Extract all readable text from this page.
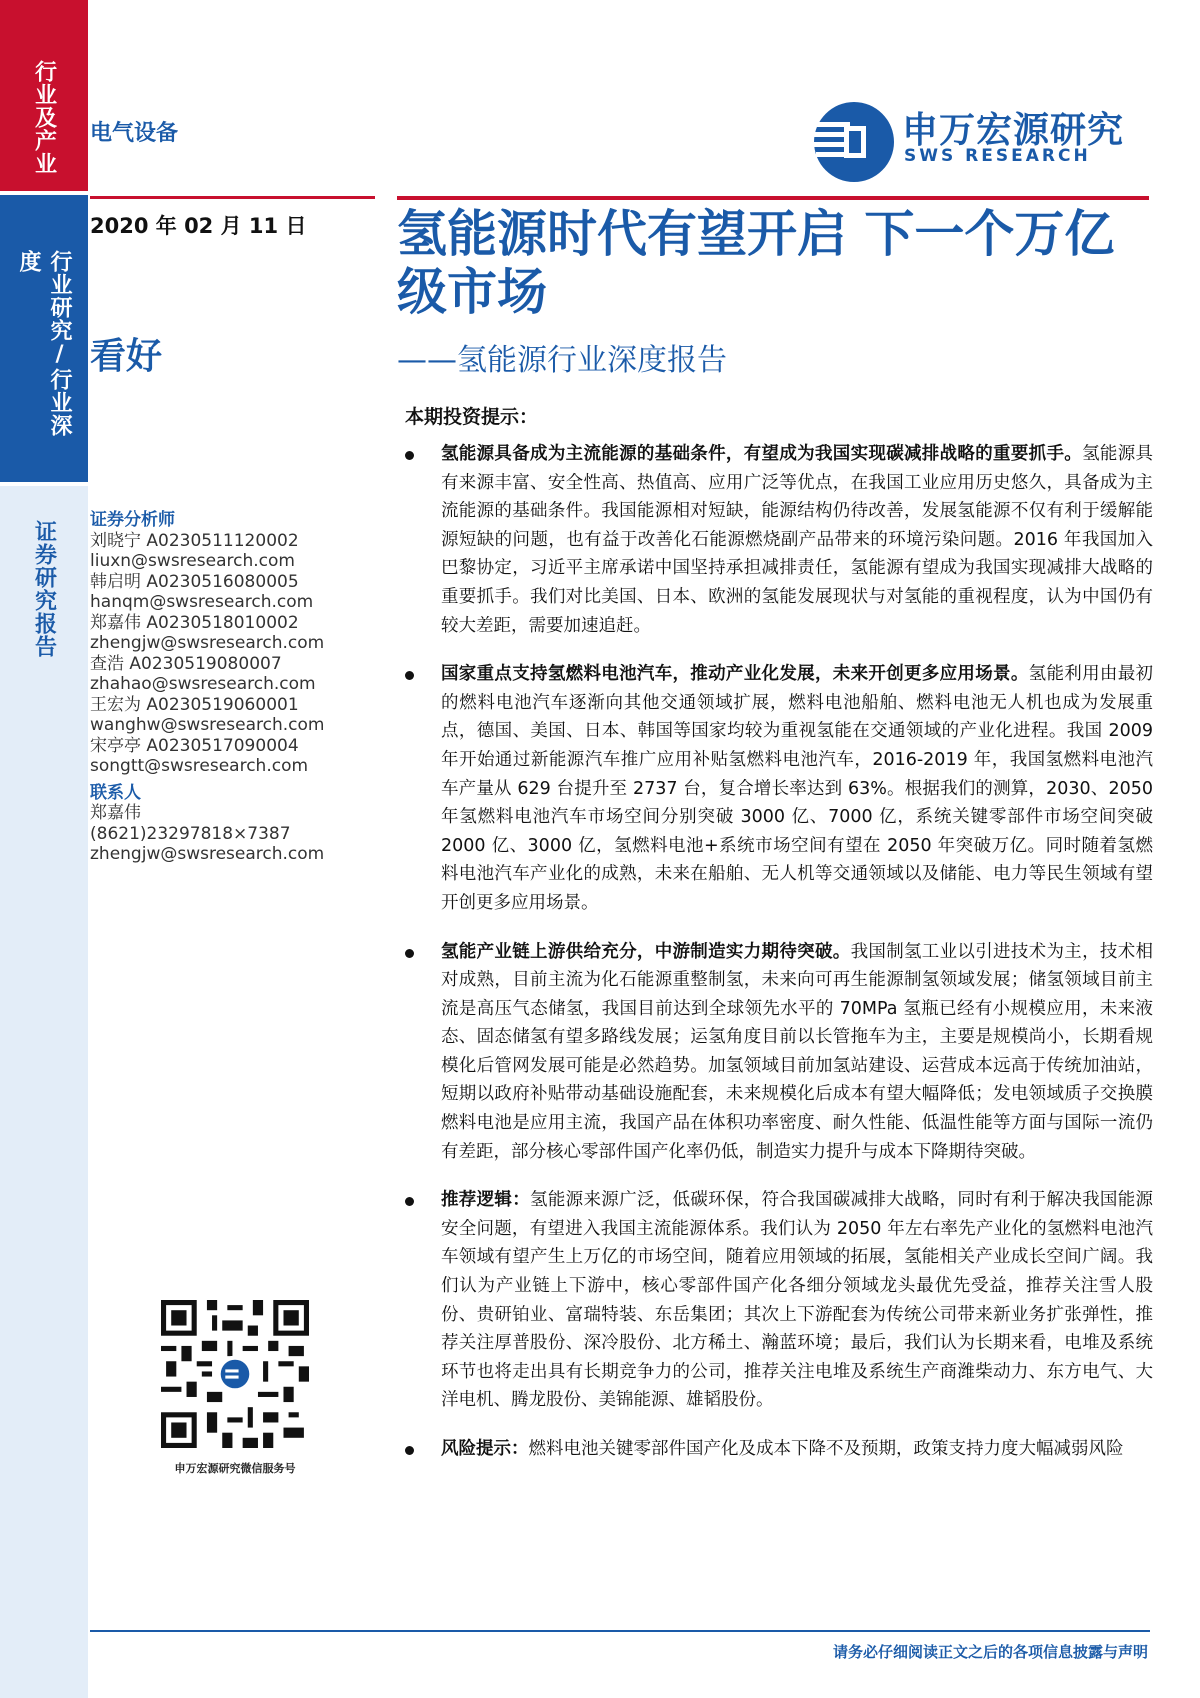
行业及产业
行业研究/行业深度
证券研究报告
电气设备	申万宏源研究
SWS RESEARCH
2020 年 02 月 11 日
看好
氢能源时代有望开启 下一个万亿级市场
——氢能源行业深度报告
证券分析师
刘晓宁 A0230511120002
liuxn@swsresearch.com
韩启明 A0230516080005
hanqm@swsresearch.com
郑嘉伟 A0230518010002
zhengjw@swsresearch.com
查浩 A0230519080007
zhahao@swsresearch.com
王宏为 A0230519060001
wanghw@swsresearch.com
宋亭亭 A0230517090004
songtt@swsresearch.com
联系人
郑嘉伟
(8621)23297818×7387
zhengjw@swsresearch.com
申万宏源研究微信服务号
本期投资提示：
氢能源具备成为主流能源的基础条件，有望成为我国实现碳减排战略的重要抓手。氢能源具有来源丰富、安全性高、热值高、应用广泛等优点，在我国工业应用历史悠久，具备成为主流能源的基础条件。我国能源相对短缺，能源结构仍待改善，发展氢能源不仅有利于缓解能源短缺的问题，也有益于改善化石能源燃烧副产品带来的环境污染问题。2016 年我国加入巴黎协定，习近平主席承诺中国坚持承担减排责任，氢能源有望成为我国实现减排大战略的重要抓手。我们对比美国、日本、欧洲的氢能发展现状与对氢能的重视程度，认为中国仍有较大差距，需要加速追赶。
国家重点支持氢燃料电池汽车，推动产业化发展，未来开创更多应用场景。氢能利用由最初的燃料电池汽车逐渐向其他交通领域扩展，燃料电池船舶、燃料电池无人机也成为发展重点，德国、美国、日本、韩国等国家均较为重视氢能在交通领域的产业化进程。我国 2009 年开始通过新能源汽车推广应用补贴氢燃料电池汽车，2016-2019 年，我国氢燃料电池汽车产量从 629 台提升至 2737 台，复合增长率达到 63%。根据我们的测算，2030、2050 年氢燃料电池汽车市场空间分别突破 3000 亿、7000 亿，系统关键零部件市场空间突破 2000 亿、3000 亿，氢燃料电池+系统市场空间有望在 2050 年突破万亿。同时随着氢燃料电池汽车产业化的成熟，未来在船舶、无人机等交通领域以及储能、电力等民生领域有望开创更多应用场景。
氢能产业链上游供给充分，中游制造实力期待突破。我国制氢工业以引进技术为主，技术相对成熟，目前主流为化石能源重整制氢，未来向可再生能源制氢领域发展；储氢领域目前主流是高压气态储氢，我国目前达到全球领先水平的 70MPa 氢瓶已经有小规模应用，未来液态、固态储氢有望多路线发展；运氢角度目前以长管拖车为主，主要是规模尚小，长期看规模化后管网发展可能是必然趋势。加氢领域目前加氢站建设、运营成本远高于传统加油站，短期以政府补贴带动基础设施配套，未来规模化后成本有望大幅降低；发电领域质子交换膜燃料电池是应用主流，我国产品在体积功率密度、耐久性能、低温性能等方面与国际一流仍有差距，部分核心零部件国产化率仍低，制造实力提升与成本下降期待突破。
推荐逻辑：氢能源来源广泛，低碳环保，符合我国碳减排大战略，同时有利于解决我国能源安全问题，有望进入我国主流能源体系。我们认为 2050 年左右率先产业化的氢燃料电池汽车领域有望产生上万亿的市场空间，随着应用领域的拓展，氢能相关产业成长空间广阔。我们认为产业链上下游中，核心零部件国产化各细分领域龙头最优先受益，推荐关注雪人股份、贵研铂业、富瑞特装、东岳集团；其次上下游配套为传统公司带来新业务扩张弹性，推荐关注厚普股份、深冷股份、北方稀土、瀚蓝环境；最后，我们认为长期来看，电堆及系统环节也将走出具有长期竞争力的公司，推荐关注电堆及系统生产商潍柴动力、东方电气、大洋电机、腾龙股份、美锦能源、雄韬股份。
风险提示：燃料电池关键零部件国产化及成本下降不及预期，政策支持力度大幅减弱风险
请务必仔细阅读正文之后的各项信息披露与声明
